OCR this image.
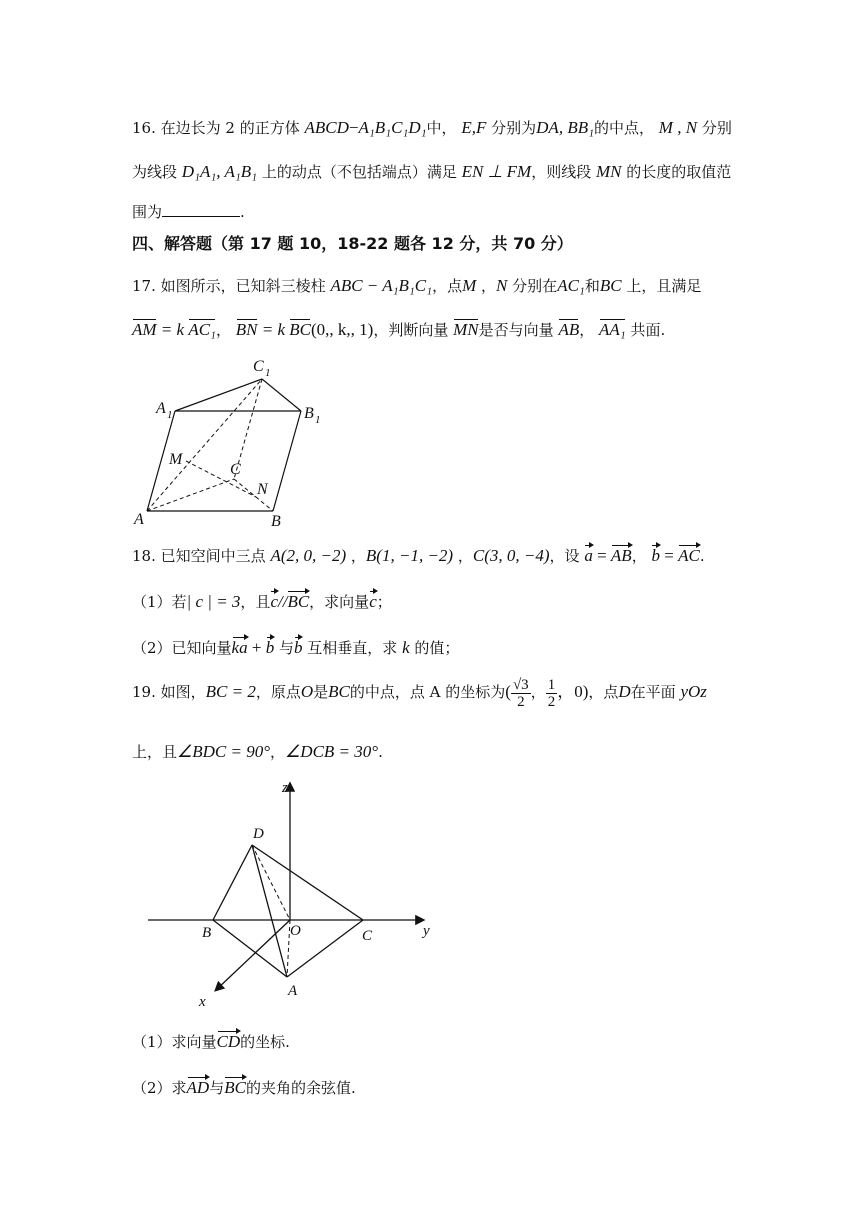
16. 在边长为 2 的正方体 ABCD−A₁B₁C₁D₁中， E,F 分别为DA, BB₁的中点， M , N 分别
为线段 D₁A₁, A₁B₁ 上的动点（不包括端点）满足 EN ⊥ FM，则线段 MN 的长度的取值范
围为	.
四、解答题（第 17 题 10，18-22 题各 12 分，共 70 分）
17. 如图所示，已知斜三棱柱 ABC − A₁B₁C₁，点M ，N 分别在AC₁和BC 上，且满足
AM = k AC₁， BN = k BC(0,, k,, 1)，判断向量 MN是否与向量 AB， AA₁ 共面.
C 1
A 1	B 1
M
C
N
A	B
18. 已知空间中三点 A(2, 0, −2) ，B(1, −1, −2) ，C(3, 0, −4)，设 a = AB， b = AC.
（1）若| c | = 3，且c//BC，求向量c；
（2）已知向量ka + b 与b 互相垂直，求 k 的值；
19. 如图，BC = 2，原点O是BC的中点，点 A 的坐标为( $\frac{√3}{2}$ ， $\frac{1}{2}$ ，0)，点D在平面 yOz
上，且∠BDC = 90°，∠DCB = 30°.
z
D
B	O	C	y
A
x
（1）求向量CD的坐标.
（2）求AD与BC的夹角的余弦值.
